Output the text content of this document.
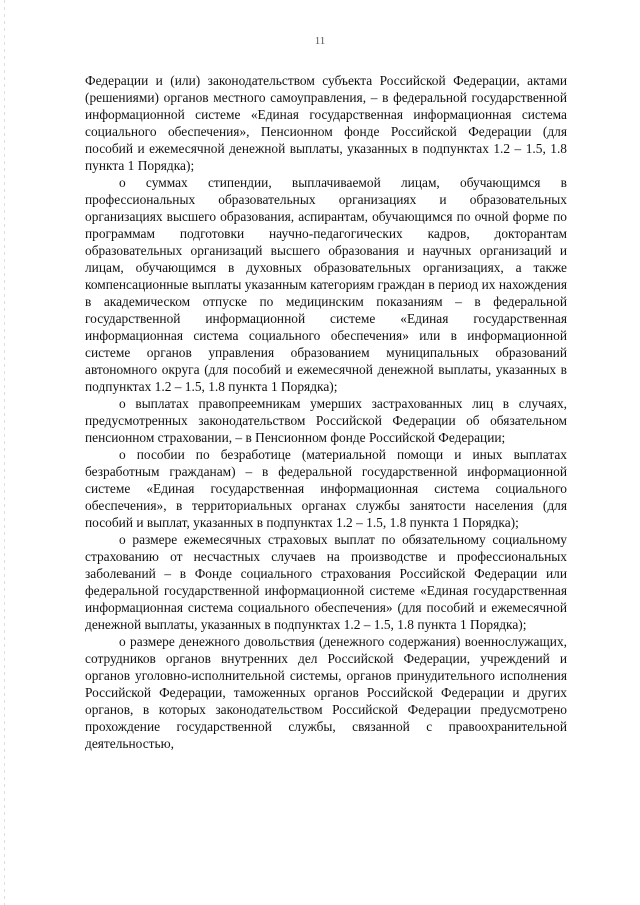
11

Федерации и (или) законодательством субъекта Российской Федерации, актами (решениями) органов местного самоуправления, – в федеральной государственной информационной системе «Единая государственная информационная система социального обеспечения», Пенсионном фонде Российской Федерации (для пособий и ежемесячной денежной выплаты, указанных в подпунктах 1.2 – 1.5, 1.8 пункта 1 Порядка);

о суммах стипендии, выплачиваемой лицам, обучающимся в профессиональных образовательных организациях и образовательных организациях высшего образования, аспирантам, обучающимся по очной форме по программам подготовки научно-педагогических кадров, докторантам образовательных организаций высшего образования и научных организаций и лицам, обучающимся в духовных образовательных организациях, а также компенсационные выплаты указанным категориям граждан в период их нахождения в академическом отпуске по медицинским показаниям – в федеральной государственной информационной системе «Единая государственная информационная система социального обеспечения» или в информационной системе органов управления образованием муниципальных образований автономного округа (для пособий и ежемесячной денежной выплаты, указанных в подпунктах 1.2 – 1.5, 1.8 пункта 1 Порядка);

о выплатах правопреемникам умерших застрахованных лиц в случаях, предусмотренных законодательством Российской Федерации об обязательном пенсионном страховании, – в Пенсионном фонде Российской Федерации;

о пособии по безработице (материальной помощи и иных выплатах безработным гражданам) – в федеральной государственной информационной системе «Единая государственная информационная система социального обеспечения», в территориальных органах службы занятости населения (для пособий и выплат, указанных в подпунктах 1.2 – 1.5, 1.8 пункта 1 Порядка);

о размере ежемесячных страховых выплат по обязательному социальному страхованию от несчастных случаев на производстве и профессиональных заболеваний – в Фонде социального страхования Российской Федерации или федеральной государственной информационной системе «Единая государственная информационная система социального обеспечения» (для пособий и ежемесячной денежной выплаты, указанных в подпунктах 1.2 – 1.5, 1.8 пункта 1 Порядка);

о размере денежного довольствия (денежного содержания) военнослужащих, сотрудников органов внутренних дел Российской Федерации, учреждений и органов уголовно-исполнительной системы, органов принудительного исполнения Российской Федерации, таможенных органов Российской Федерации и других органов, в которых законодательством Российской Федерации предусмотрено прохождение государственной службы, связанной с правоохранительной деятельностью,
